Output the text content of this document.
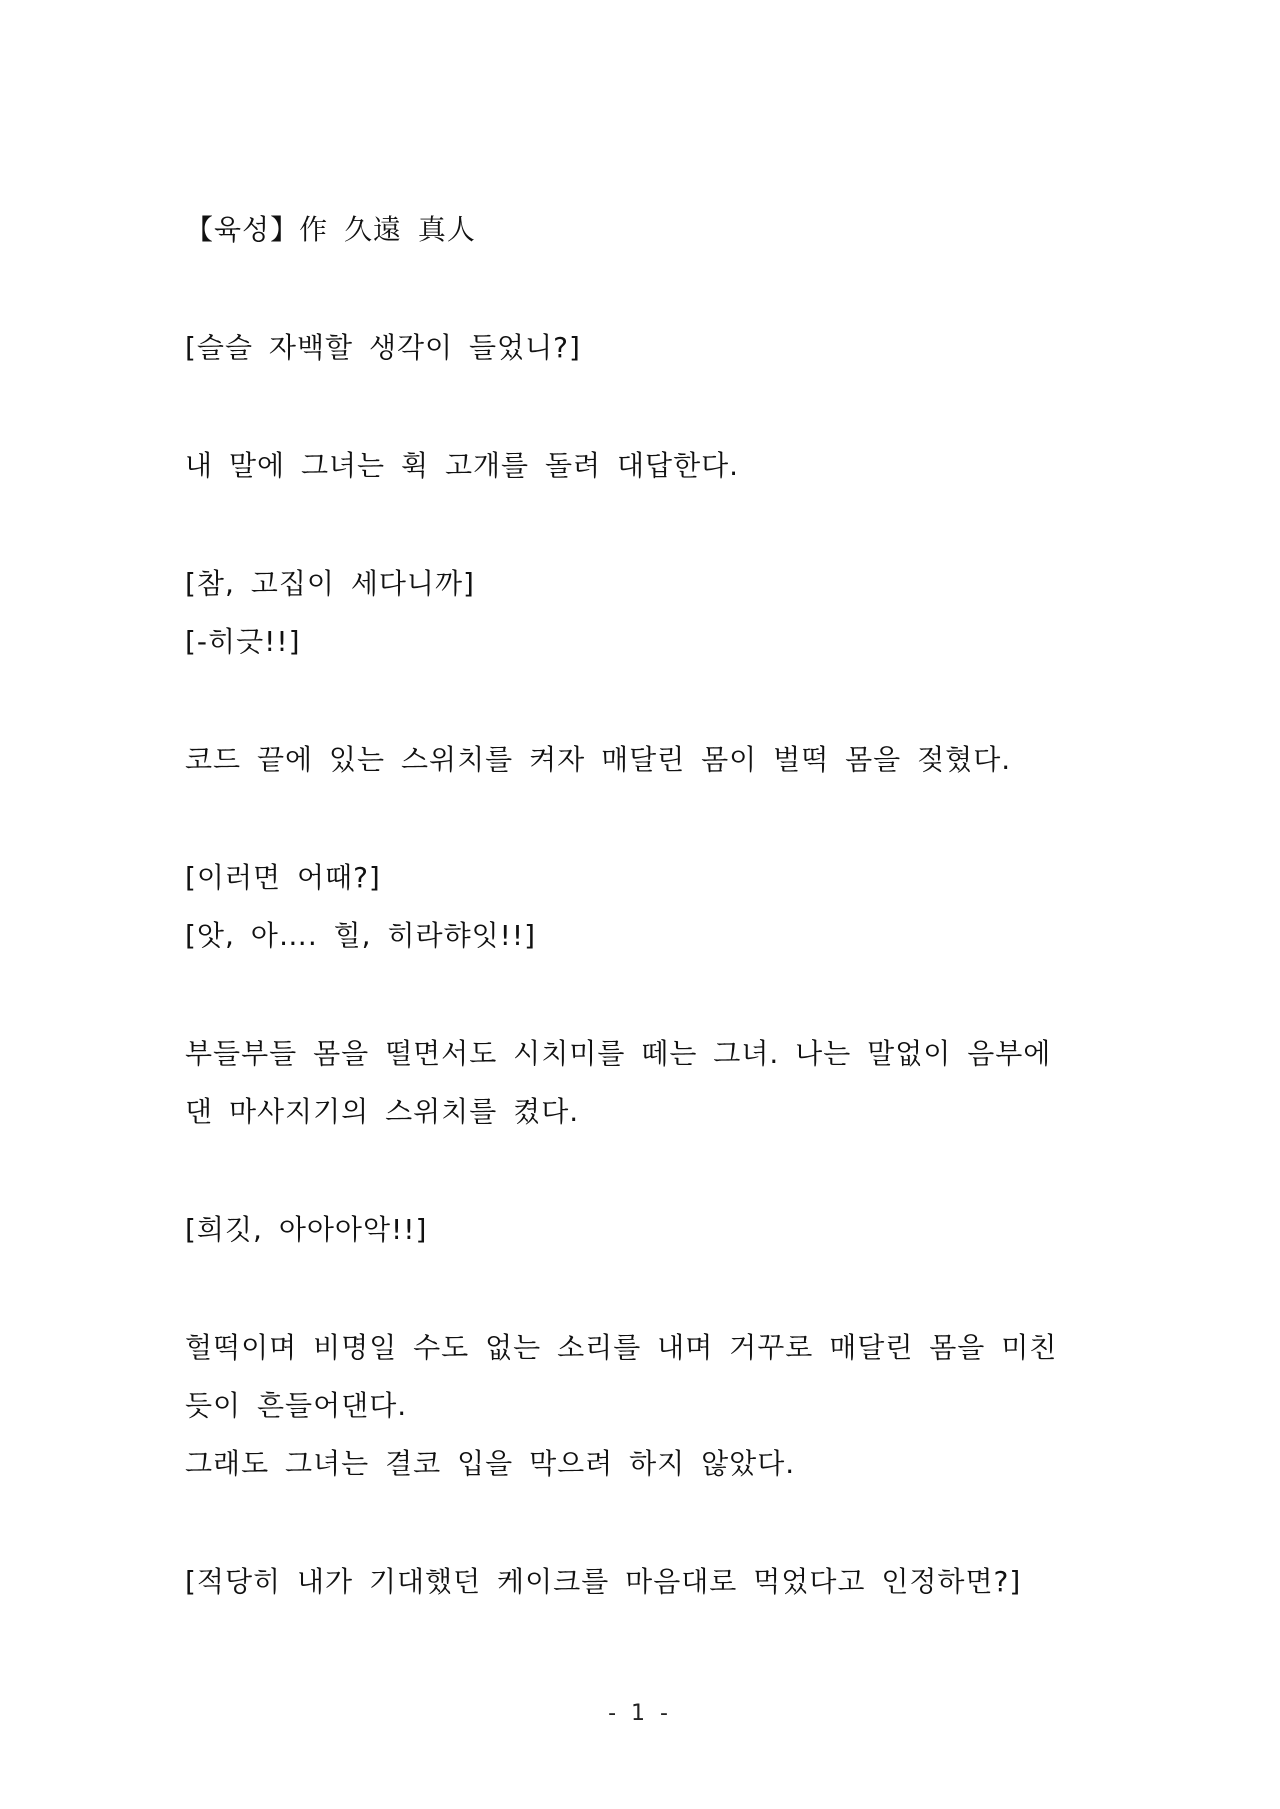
【육성】作 久遠 真人
[슬슬 자백할 생각이 들었니?]
내 말에 그녀는 휙 고개를 돌려 대답한다.
[참, 고집이 세다니까]
[-히긋!!]
코드 끝에 있는 스위치를 켜자 매달린 몸이 벌떡 몸을 젖혔다.
[이러면 어때?]
[앗, 아…. 힐, 히라햐잇!!]
부들부들 몸을 떨면서도 시치미를 떼는 그녀. 나는 말없이 음부에
댄 마사지기의 스위치를 켰다.
[희깃, 아아아악!!]
헐떡이며 비명일 수도 없는 소리를 내며 거꾸로 매달린 몸을 미친
듯이 흔들어댄다.
그래도 그녀는 결코 입을 막으려 하지 않았다.
[적당히 내가 기대했던 케이크를 마음대로 먹었다고 인정하면?]
- 1 -
